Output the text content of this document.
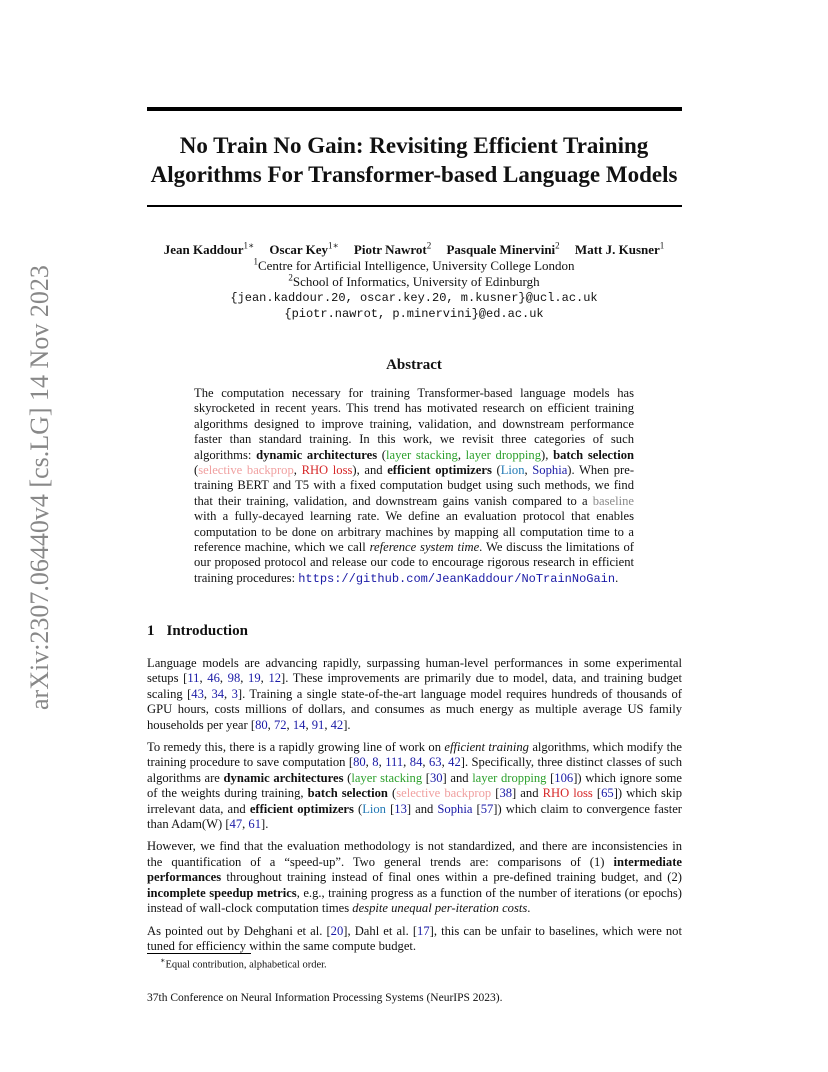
arXiv:2307.06440v4 [cs.LG] 14 Nov 2023
No Train No Gain: Revisiting Efficient Training
Algorithms For Transformer-based Language Models
Jean Kaddour$^{1∗}$ Oscar Key$^{1∗}$ Piotr Nawrot$^2$ Pasquale Minervini$^2$ Matt J. Kusner$^1$
$^1$Centre for Artificial Intelligence, University College London
$^2$School of Informatics, University of Edinburgh
{jean.kaddour.20, oscar.key.20, m.kusner}@ucl.ac.uk
{piotr.nawrot, p.minervini}@ed.ac.uk
Abstract
The computation necessary for training Transformer-based language models has skyrocketed in recent years. This trend has motivated research on efficient training algorithms designed to improve training, validation, and downstream performance faster than standard training. In this work, we revisit three categories of such algorithms: dynamic architectures (layer stacking, layer dropping), batch selection (selective backprop, RHO loss), and efficient optimizers (Lion, Sophia). When pre-training BERT and T5 with a fixed computation budget using such methods, we find that their training, validation, and downstream gains vanish compared to a baseline with a fully-decayed learning rate. We define an evaluation protocol that enables computation to be done on arbitrary machines by mapping all computation time to a reference machine, which we call reference system time. We discuss the limitations of our proposed protocol and release our code to encourage rigorous research in efficient training procedures: https://github.com/JeanKaddour/NoTrainNoGain.
1 Introduction

Language models are advancing rapidly, surpassing human-level performances in some experimental setups [11, 46, 98, 19, 12]. These improvements are primarily due to model, data, and training budget scaling [43, 34, 3]. Training a single state-of-the-art language model requires hundreds of thousands of GPU hours, costs millions of dollars, and consumes as much energy as multiple average US family households per year [80, 72, 14, 91, 42].

To remedy this, there is a rapidly growing line of work on efficient training algorithms, which modify the training procedure to save computation [80, 8, 111, 84, 63, 42]. Specifically, three distinct classes of such algorithms are dynamic architectures (layer stacking [30] and layer dropping [106]) which ignore some of the weights during training, batch selection (selective backprop [38] and RHO loss [65]) which skip irrelevant data, and efficient optimizers (Lion [13] and Sophia [57]) which claim to convergence faster than Adam(W) [47, 61].

However, we find that the evaluation methodology is not standardized, and there are inconsistencies in the quantification of a “speed-up”. Two general trends are: comparisons of (1) intermediate performances throughout training instead of final ones within a pre-defined training budget, and (2) incomplete speedup metrics, e.g., training progress as a function of the number of iterations (or epochs) instead of wall-clock computation times despite unequal per-iteration costs.

As pointed out by Dehghani et al. [20], Dahl et al. [17], this can be unfair to baselines, which were not tuned for efficiency within the same compute budget.

∗Equal contribution, alphabetical order.
37th Conference on Neural Information Processing Systems (NeurIPS 2023).
